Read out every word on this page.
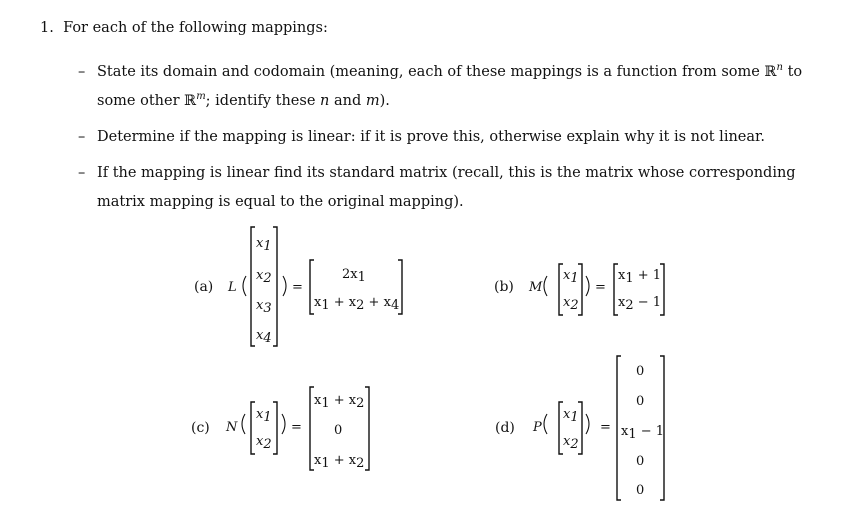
1. For each of the following mappings:
– State its domain and codomain (meaning, each of these mappings is a function from some ℝ$^n$ to some other ℝ$^m$; identify these n and m).
– Determine if the mapping is linear: if it is prove this, otherwise explain why it is not linear.
– If the mapping is linear find its standard matrix (recall, this is the matrix whose corresponding matrix mapping is equal to the original mapping).
(a)	(b)
(c)	(d)
L
x1
x2
x3
x4
=
2x1
x1 + x2 + x4
M
x1
x2
=
x1 + 1
x2 − 1
N
x1
x2
=
x1 + x2
0
x1 + x2
P
x1
x2
=
0
0
x1 − 1
0
0
